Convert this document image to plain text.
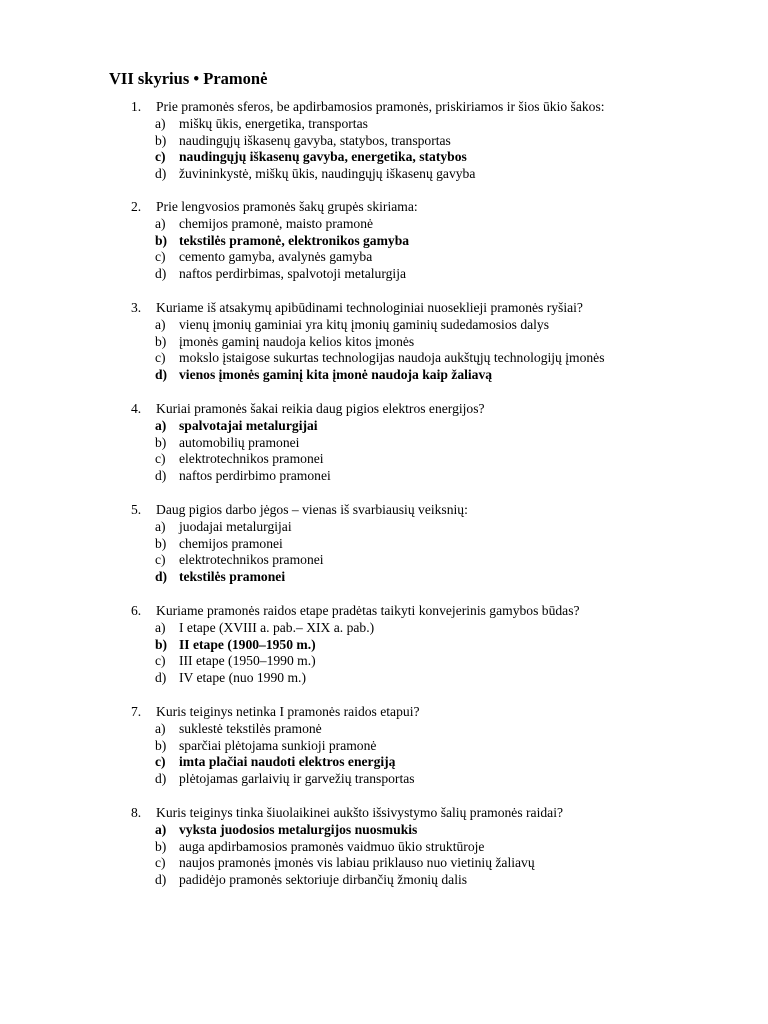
VII skyrius • Pramonė
1.	Prie pramonės sferos, be apdirbamosios pramonės, priskiriamos ir šios ūkio šakos:
a) miškų ūkis, energetika, transportas
b) naudingųjų iškasenų gavyba, statybos, transportas
c) naudingųjų iškasenų gavyba, energetika, statybos
d) žuvininkystė, miškų ūkis, naudingųjų iškasenų gavyba
2.	Prie lengvosios pramonės šakų grupės skiriama:
a) chemijos pramonė, maisto pramonė
b) tekstilės pramonė, elektronikos gamyba
c) cemento gamyba, avalynės gamyba
d) naftos perdirbimas, spalvotoji metalurgija
3.	Kuriame iš atsakymų apibūdinami technologiniai nuoseklieji pramonės ryšiai?
a) vienų įmonių gaminiai yra kitų įmonių gaminių sudedamosios dalys
b) įmonės gaminį naudoja kelios kitos įmonės
c) mokslo įstaigose sukurtas technologijas naudoja aukštųjų technologijų įmonės
d) vienos įmonės gaminį kita įmonė naudoja kaip žaliavą
4.	Kuriai pramonės šakai reikia daug pigios elektros energijos?
a) spalvotajai metalurgijai
b) automobilių pramonei
c) elektrotechnikos pramonei
d) naftos perdirbimo pramonei
5.	Daug pigios darbo jėgos – vienas iš svarbiausių veiksnių:
a) juodajai metalurgijai
b) chemijos pramonei
c) elektrotechnikos pramonei
d) tekstilės pramonei
6.	Kuriame pramonės raidos etape pradėtas taikyti konvejerinis gamybos būdas?
a) I etape (XVIII a. pab.– XIX a. pab.)
b) II etape (1900–1950 m.)
c) III etape (1950–1990 m.)
d) IV etape (nuo 1990 m.)
7.	Kuris teiginys netinka I pramonės raidos etapui?
a) suklestė tekstilės pramonė
b) sparčiai plėtojama sunkioji pramonė
c) imta plačiai naudoti elektros energiją
d) plėtojamas garlaivių ir garvežių transportas
8.	Kuris teiginys tinka šiuolaikinei aukšto išsivystymo šalių pramonės raidai?
a) vyksta juodosios metalurgijos nuosmukis
b) auga apdirbamosios pramonės vaidmuo ūkio struktūroje
c) naujos pramonės įmonės vis labiau priklauso nuo vietinių žaliavų
d) padidėjo pramonės sektoriuje dirbančių žmonių dalis
